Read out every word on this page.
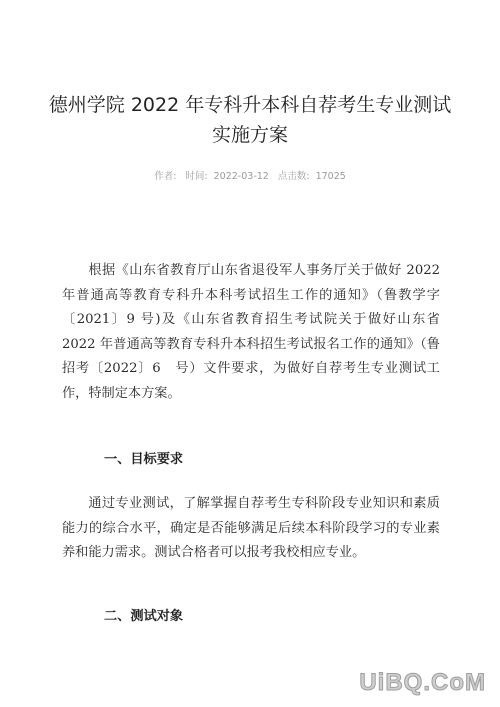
德州学院 2022 年专科升本科自荐考生专业测试实施方案
作者: 时间: 2022-03-12 点击数: 17025
根据《山东省教育厅山东省退役军人事务厅关于做好 2022 年普通高等教育专科升本科考试招生工作的通知》（鲁教学字〔2021〕9 号)及《山东省教育招生考试院关于做好山东省 2022 年普通高等教育专科升本科招生考试报名工作的通知》（鲁招考〔2022〕6　号）文件要求，为做好自荐考生专业测试工作，特制定本方案。
一、目标要求
通过专业测试，了解掌握自荐考生专科阶段专业知识和素质能力的综合水平，确定是否能够满足后续本科阶段学习的专业素养和能力需求。测试合格者可以报考我校相应专业。
二、测试对象
UiBQ.CoM
